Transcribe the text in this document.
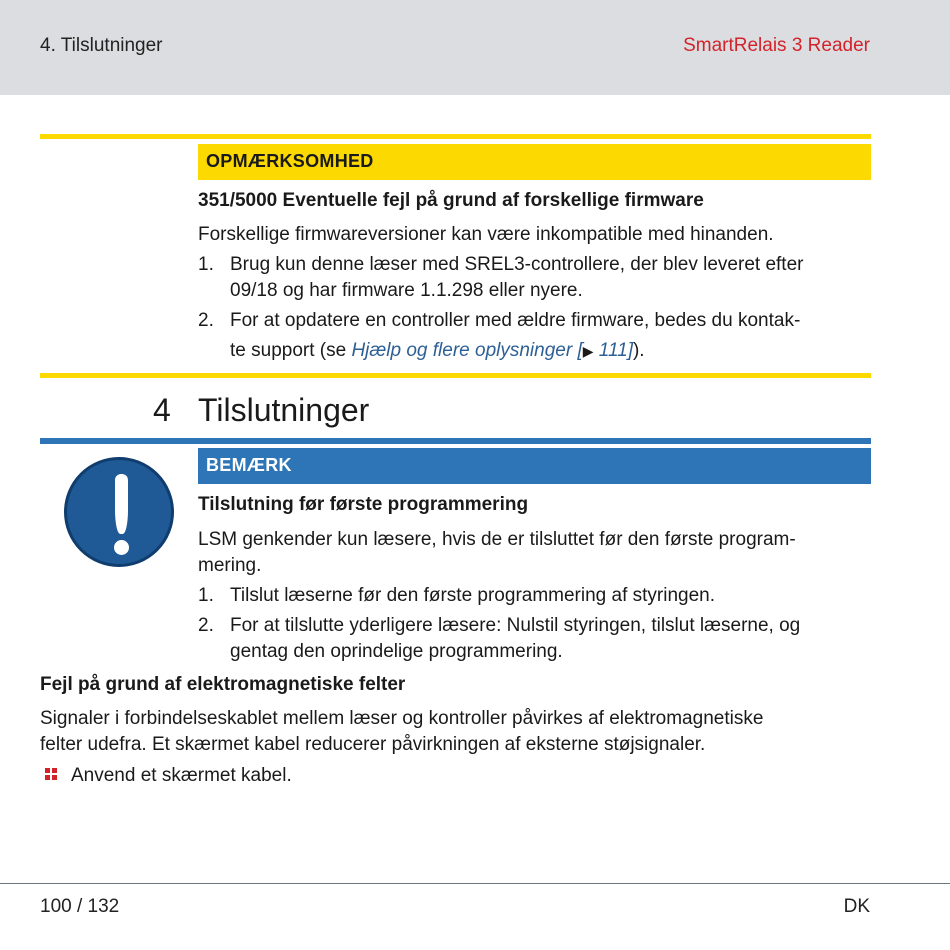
4. Tilslutninger	SmartRelais 3 Reader
OPMÆRKSOMHED
351/5000 Eventuelle fejl på grund af forskellige firmware
Forskellige firmwareversioner kan være inkompatible med hinanden.
1. Brug kun denne læser med SREL3-controllere, der blev leveret efter
09/18 og har firmware 1.1.298 eller nyere.
2. For at opdatere en controller med ældre firmware, bedes du kontak-
te support (se Hjælp og flere oplysninger [▶ 111]).
4 Tilslutninger
BEMÆRK
Tilslutning før første programmering
LSM genkender kun læsere, hvis de er tilsluttet før den første program-
mering.
1. Tilslut læserne før den første programmering af styringen.
2. For at tilslutte yderligere læsere: Nulstil styringen, tilslut læserne, og
gentag den oprindelige programmering.
Fejl på grund af elektromagnetiske felter
Signaler i forbindelseskablet mellem læser og kontroller påvirkes af elektromagnetiske
felter udefra. Et skærmet kabel reducerer påvirkningen af eksterne støjsignaler.
Anvend et skærmet kabel.
100 / 132	DK
